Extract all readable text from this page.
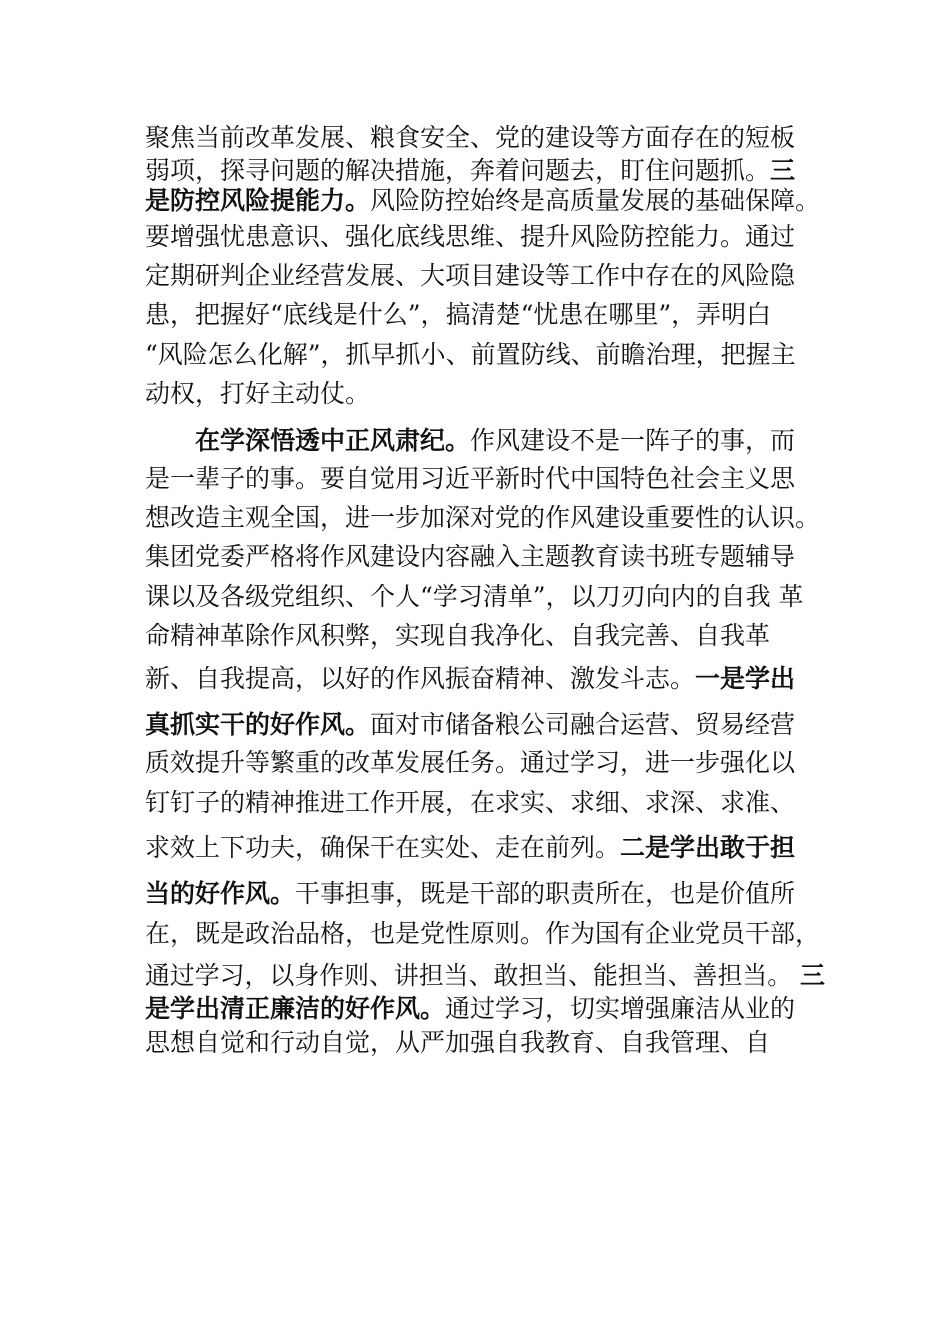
聚焦当前改革发展、粮食安全、党的建设等方面存在的短板
弱项，探寻问题的解决措施，奔着问题去，盯住问题抓。三
是防控风险提能力。风险防控始终是高质量发展的基础保障。
要增强忧患意识、强化底线思维、提升风险防控能力。通过
定期研判企业经营发展、大项目建设等工作中存在的风险隐
患，把握好“底线是什么”，搞清楚“忧患在哪里”，弄明白
“风险怎么化解”，抓早抓小、前置防线、前瞻治理，把握主
动权，打好主动仗。
在学深悟透中正风肃纪。作风建设不是一阵子的事，而
是一辈子的事。要自觉用习近平新时代中国特色社会主义思
想改造主观全国，进一步加深对党的作风建设重要性的认识。
集团党委严格将作风建设内容融入主题教育读书班专题辅导
课以及各级党组织、个人“学习清单”，以刀刃向内的自我 革
命精神革除作风积弊，实现自我净化、自我完善、自我革
新、自我提高，以好的作风振奋精神、激发斗志。一是学出
真抓实干的好作风。面对市储备粮公司融合运营、贸易经营
质效提升等繁重的改革发展任务。通过学习，进一步强化以
钉钉子的精神推进工作开展，在求实、求细、求深、求准、
求效上下功夫，确保干在实处、走在前列。二是学出敢于担
当的好作风。干事担事，既是干部的职责所在，也是价值所
在，既是政治品格，也是党性原则。作为国有企业党员干部，
通过学习，以身作则、讲担当、敢担当、能担当、善担当。 三
是学出清正廉洁的好作风。通过学习，切实增强廉洁从业的
思想自觉和行动自觉，从严加强自我教育、自我管理、自
